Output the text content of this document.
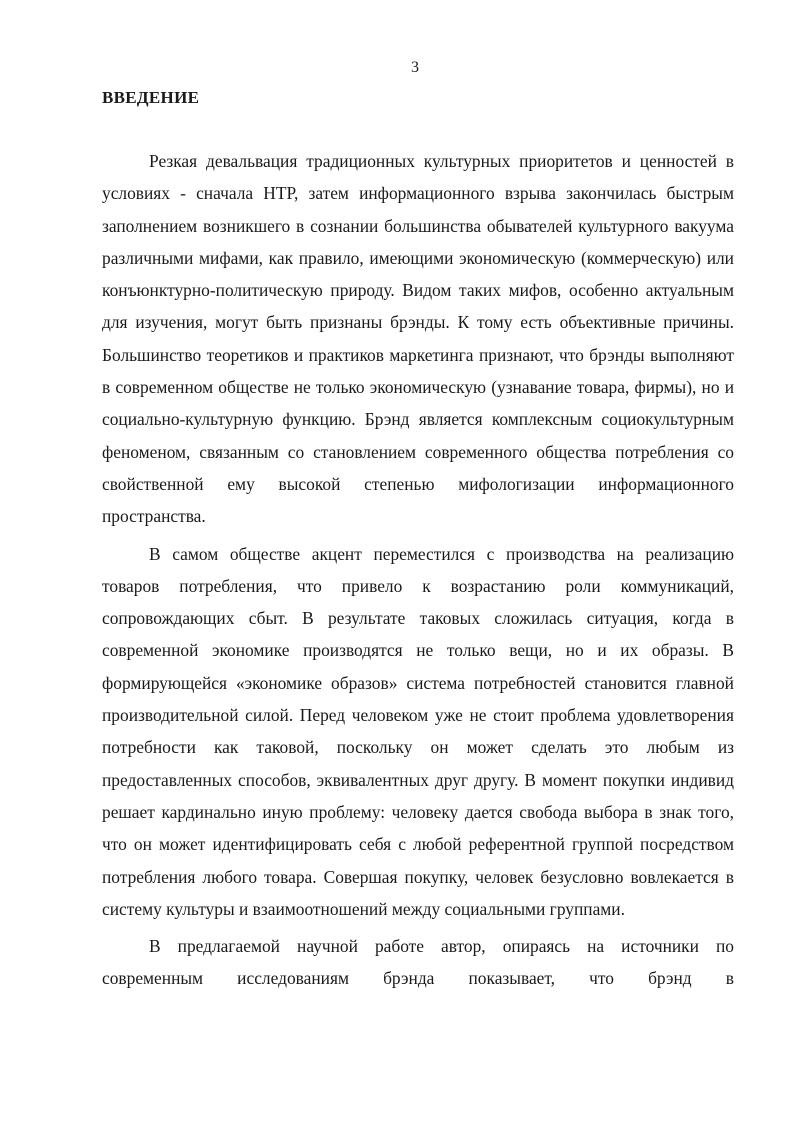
3
ВВЕДЕНИЕ

Резкая девальвация традиционных культурных приоритетов и ценностей в условиях - сначала НТР, затем информационного взрыва закончилась быстрым заполнением возникшего в сознании большинства обывателей культурного вакуума различными мифами, как правило, имеющими экономическую (коммерческую) или конъюнктурно-политическую природу. Видом таких мифов, особенно актуальным для изучения, могут быть признаны брэнды. К тому есть объективные причины. Большинство теоретиков и практиков маркетинга признают, что брэнды выполняют в современном обществе не только экономическую (узнавание товара, фирмы), но и социально-культурную функцию. Брэнд является комплексным социокультурным феноменом, связанным со становлением современного общества потребления со свойственной ему высокой степенью мифологизации информационного пространства.

В самом обществе акцент переместился с производства на реализацию товаров потребления, что привело к возрастанию роли коммуникаций, сопровождающих сбыт. В результате таковых сложилась ситуация, когда в современной экономике производятся не только вещи, но и их образы. В формирующейся «экономике образов» система потребностей становится главной производительной силой. Перед человеком уже не стоит проблема удовлетворения потребности как таковой, поскольку он может сделать это любым из предоставленных способов, эквивалентных друг другу. В момент покупки индивид решает кардинально иную проблему: человеку дается свобода выбора в знак того, что он может идентифицировать себя с любой референтной группой посредством потребления любого товара. Совершая покупку, человек безусловно вовлекается в систему культуры и взаимоотношений между социальными группами.

В предлагаемой научной работе автор, опираясь на источники по современным исследованиям брэнда показывает, что брэнд в
